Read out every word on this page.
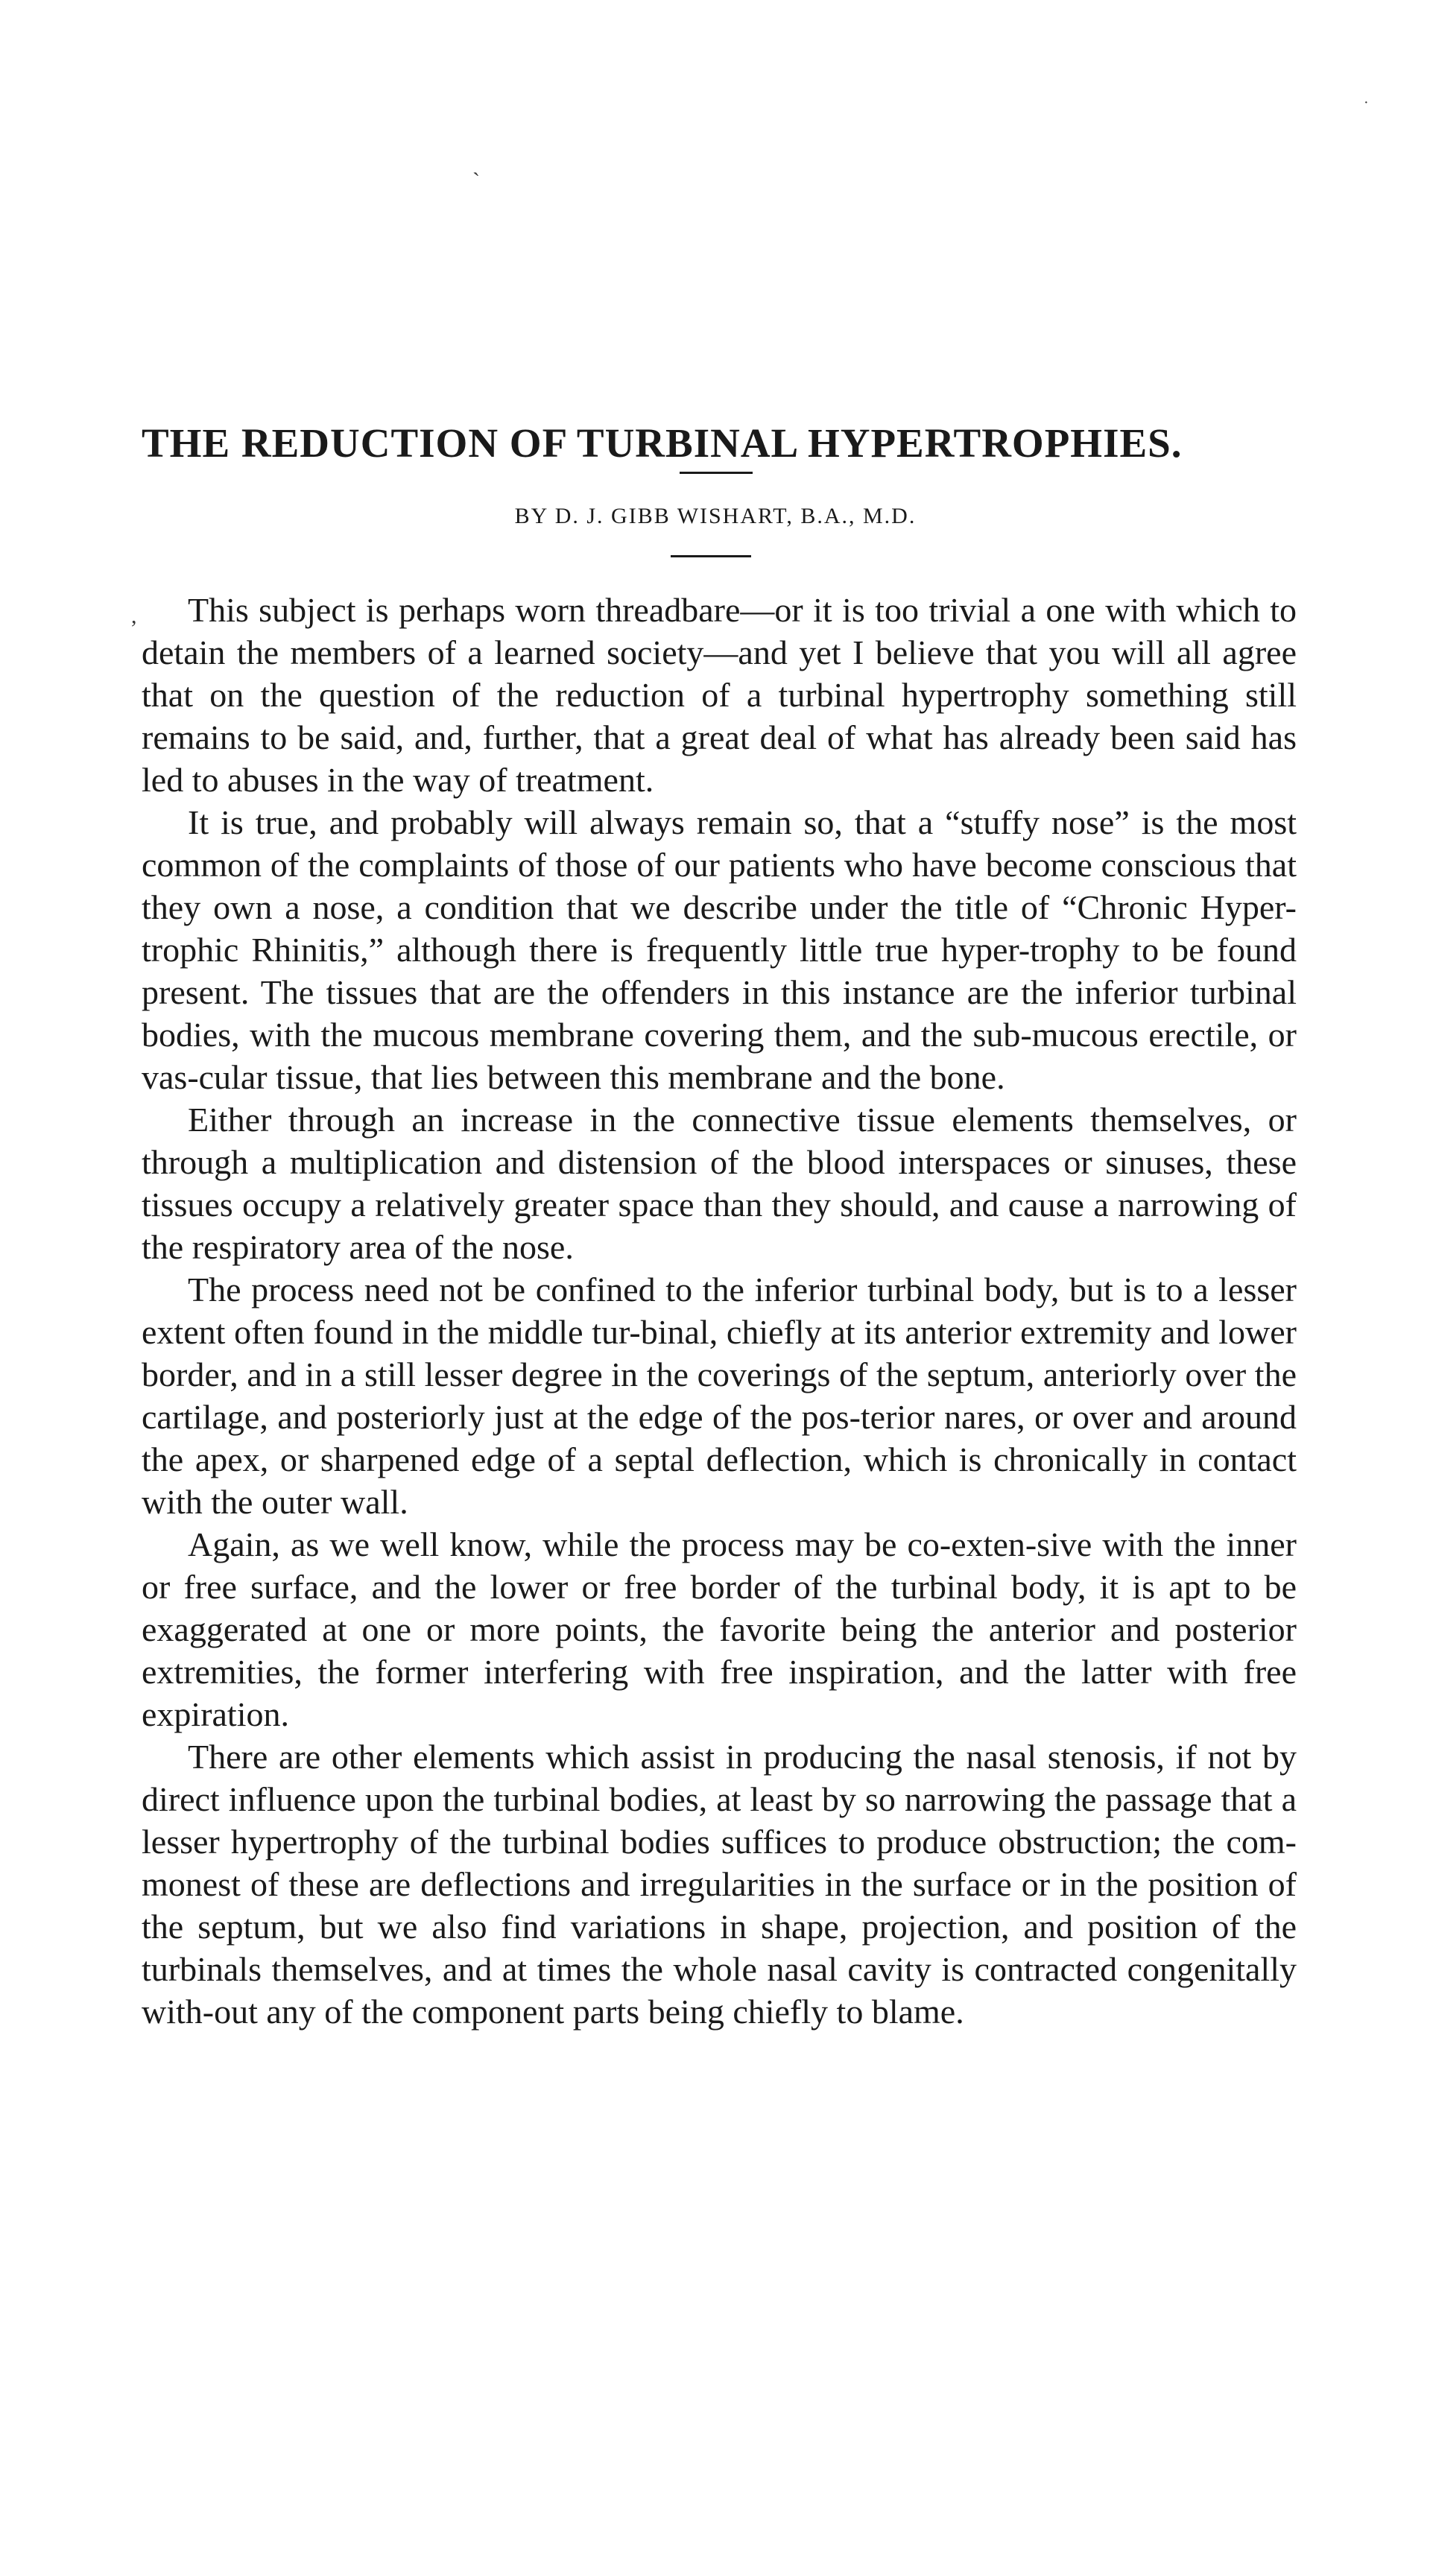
`
·
THE REDUCTION OF TURBINAL HYPERTROPHIES.
BY D. J. GIBB WISHART, B.A., M.D.
,	This subject is perhaps worn threadbare—or it is too trivial a one with which to detain the members of a learned society—and yet I believe that you will all agree that on the question of the reduction of a turbinal hypertrophy something still remains to be said, and, further, that a great deal of what has already been said has led to abuses in the way of treatment.

It is true, and probably will always remain so, that a “stuffy nose” is the most common of the complaints of those of our patients who have become conscious that they own a nose, a condition that we describe under the title of “Chronic Hyper-trophic Rhinitis,” although there is frequently little true hyper-trophy to be found present. The tissues that are the offenders in this instance are the inferior turbinal bodies, with the mucous membrane covering them, and the sub-mucous erectile, or vas-cular tissue, that lies between this membrane and the bone.

Either through an increase in the connective tissue elements themselves, or through a multiplication and distension of the blood interspaces or sinuses, these tissues occupy a relatively greater space than they should, and cause a narrowing of the respiratory area of the nose.

The process need not be confined to the inferior turbinal body, but is to a lesser extent often found in the middle tur-binal, chiefly at its anterior extremity and lower border, and in a still lesser degree in the coverings of the septum, anteriorly over the cartilage, and posteriorly just at the edge of the pos-terior nares, or over and around the apex, or sharpened edge of a septal deflection, which is chronically in contact with the outer wall.

Again, as we well know, while the process may be co-exten-sive with the inner or free surface, and the lower or free border of the turbinal body, it is apt to be exaggerated at one or more points, the favorite being the anterior and posterior extremities, the former interfering with free inspiration, and the latter with free expiration.

There are other elements which assist in producing the nasal stenosis, if not by direct influence upon the turbinal bodies, at least by so narrowing the passage that a lesser hypertrophy of the turbinal bodies suffices to produce obstruction; the com-monest of these are deflections and irregularities in the surface or in the position of the septum, but we also find variations in shape, projection, and position of the turbinals themselves, and at times the whole nasal cavity is contracted congenitally with-out any of the component parts being chiefly to blame.
